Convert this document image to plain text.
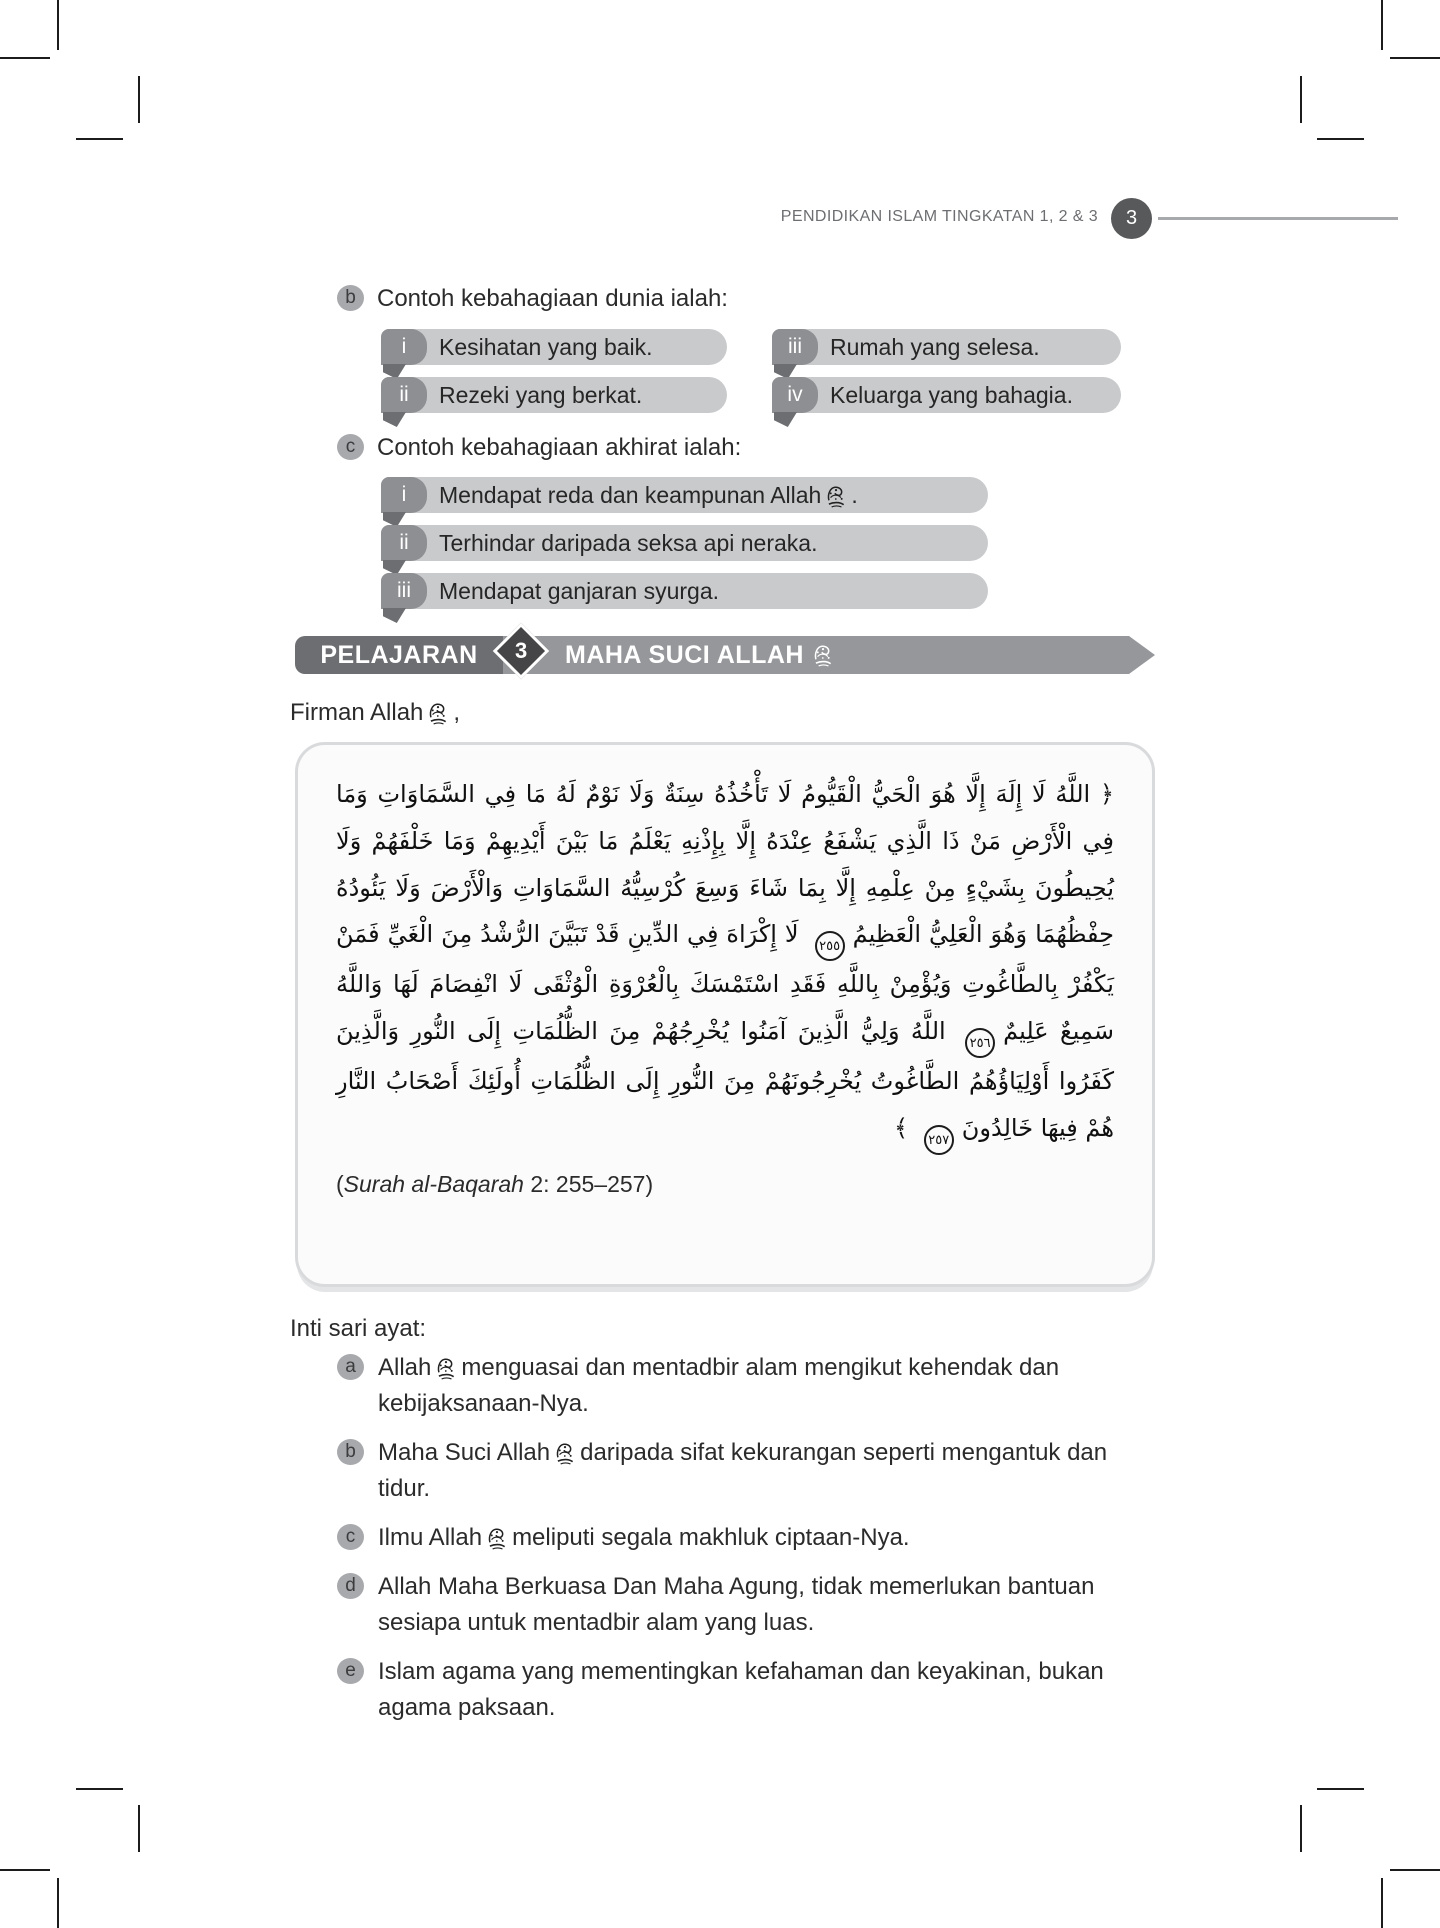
PENDIDIKAN ISLAM TINGKATAN 1, 2 & 3 3
b Contoh kebahagiaan dunia ialah:
i	Kesihatan yang baik.	iii	Rumah yang selesa.
ii	Rezeki yang berkat.	iv	Keluarga yang bahagia.
c Contoh kebahagiaan akhirat ialah:
i	Mendapat reda dan keampunan Allah .
ii	Terhindar daripada seksa api neraka.
iii	Mendapat ganjaran syurga.
PELAJARAN 3 MAHA SUCI ALLAH
Firman Allah ,

﴿ اللَّهُ لَا إِلَهَ إِلَّا هُوَ الْحَيُّ الْقَيُّومُ لَا تَأْخُذُهُ سِنَةٌ وَلَا نَوْمٌ لَهُ مَا فِي السَّمَاوَاتِ وَمَا فِي الْأَرْضِ مَنْ ذَا الَّذِي يَشْفَعُ عِنْدَهُ إِلَّا بِإِذْنِهِ يَعْلَمُ مَا بَيْنَ أَيْدِيهِمْ وَمَا خَلْفَهُمْ وَلَا يُحِيطُونَ بِشَيْءٍ مِنْ عِلْمِهِ إِلَّا بِمَا شَاءَ وَسِعَ كُرْسِيُّهُ السَّمَاوَاتِ وَالْأَرْضَ وَلَا يَئُودُهُ حِفْظُهُمَا وَهُوَ الْعَلِيُّ الْعَظِيمُ٢٥٥ لَا إِكْرَاهَ فِي الدِّينِ قَدْ تَبَيَّنَ الرُّشْدُ مِنَ الْغَيِّ فَمَنْ يَكْفُرْ بِالطَّاغُوتِ وَيُؤْمِنْ بِاللَّهِ فَقَدِ اسْتَمْسَكَ بِالْعُرْوَةِ الْوُثْقَى لَا انْفِصَامَ لَهَا وَاللَّهُ سَمِيعٌ عَلِيمٌ٢٥٦ اللَّهُ وَلِيُّ الَّذِينَ آمَنُوا يُخْرِجُهُمْ مِنَ الظُّلُمَاتِ إِلَى النُّورِ وَالَّذِينَ كَفَرُوا أَوْلِيَاؤُهُمُ الطَّاغُوتُ يُخْرِجُونَهُمْ مِنَ النُّورِ إِلَى الظُّلُمَاتِ أُولَئِكَ أَصْحَابُ النَّارِ هُمْ فِيهَا خَالِدُونَ٢٥٧ ﴾

(Surah al-Baqarah 2: 255–257)

Inti sari ayat:
a Allah menguasai dan mentadbir alam mengikut kehendak dan kebijaksanaan-Nya.
b Maha Suci Allah daripada sifat kekurangan seperti mengantuk dan tidur.
c Ilmu Allah meliputi segala makhluk ciptaan-Nya.
d Allah Maha Berkuasa Dan Maha Agung, tidak memerlukan bantuan sesiapa untuk mentadbir alam yang luas.
e Islam agama yang mementingkan kefahaman dan keyakinan, bukan agama paksaan.
